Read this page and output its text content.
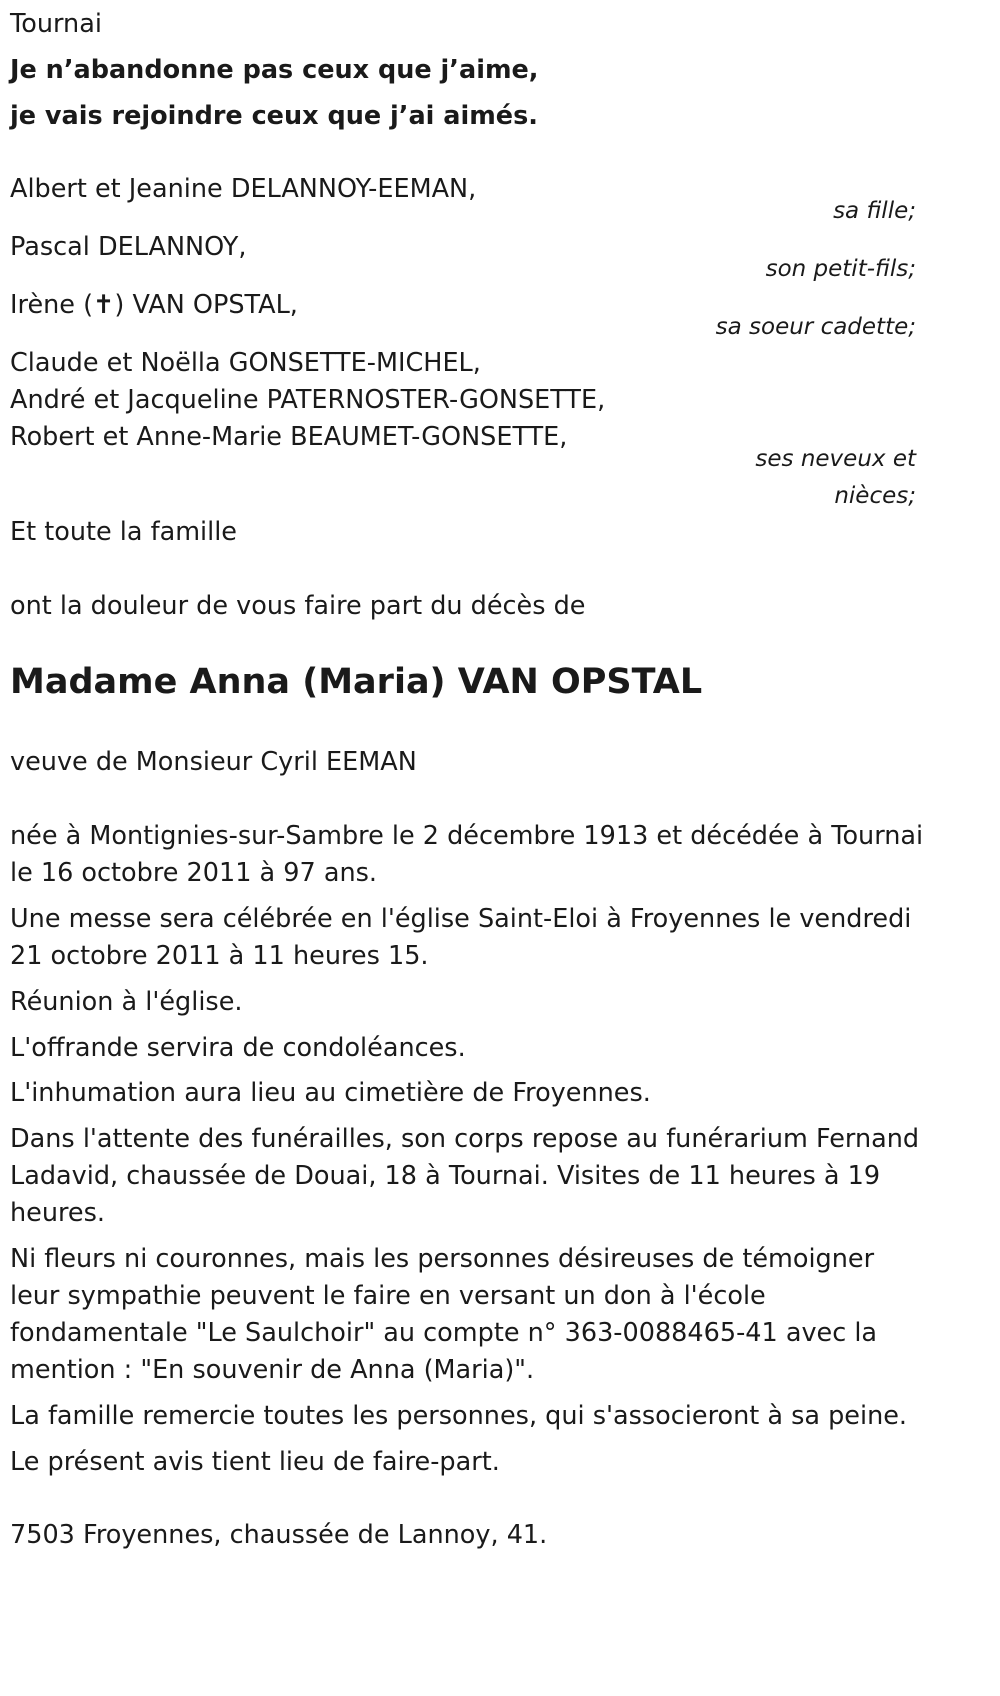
Tournai
Je n’abandonne pas ceux que j’aime,
je vais rejoindre ceux que j’ai aimés.
Albert et Jeanine DELANNOY-EEMAN,
sa fille;
Pascal DELANNOY,
son petit-fils;
Irène (✝) VAN OPSTAL,
sa soeur cadette;
Claude et Noëlla GONSETTE-MICHEL,
André et Jacqueline PATERNOSTER-GONSETTE,
Robert et Anne-Marie BEAUMET-GONSETTE,
ses neveux et
nièces;
Et toute la famille
ont la douleur de vous faire part du décès de
Madame Anna (Maria) VAN OPSTAL
veuve de Monsieur Cyril EEMAN
née à Montignies-sur-Sambre le 2 décembre 1913 et décédée à Tournai le 16 octobre 2011 à 97 ans.
Une messe sera célébrée en l'église Saint-Eloi à Froyennes le vendredi 21 octobre 2011 à 11 heures 15.
Réunion à l'église.
L'offrande servira de condoléances.
L'inhumation aura lieu au cimetière de Froyennes.
Dans l'attente des funérailles, son corps repose au funérarium Fernand Ladavid, chaussée de Douai, 18 à Tournai. Visites de 11 heures à 19 heures.
Ni fleurs ni couronnes, mais les personnes désireuses de témoigner leur sympathie peuvent le faire en versant un don à l'école fondamentale "Le Saulchoir" au compte n° 363-0088465-41 avec la mention : "En souvenir de Anna (Maria)".
La famille remercie toutes les personnes, qui s'associeront à sa peine.
Le présent avis tient lieu de faire-part.
7503 Froyennes, chaussée de Lannoy, 41.
